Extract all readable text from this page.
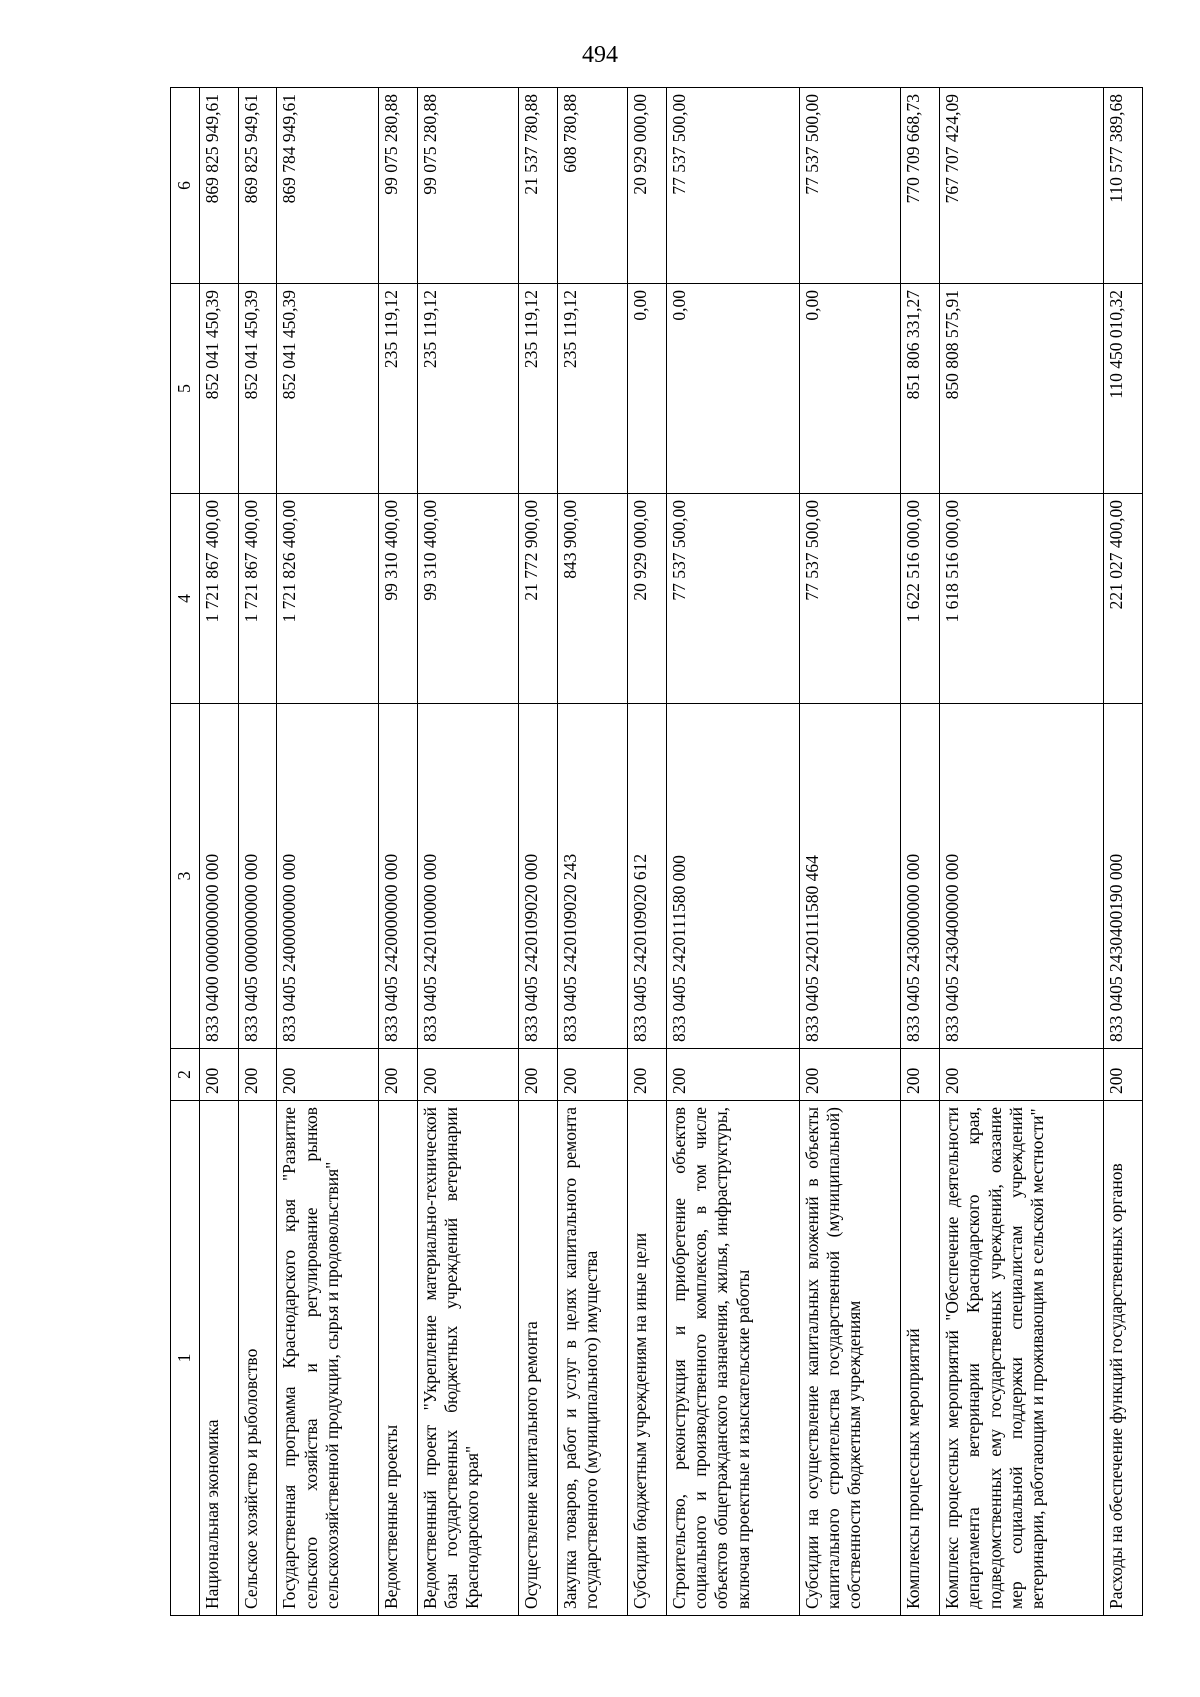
494
1	2	3	4	5	6
Национальная экономика	200	833 0400 0000000000 000	1 721 867 400,00	852 041 450,39	869 825 949,61
Сельское хозяйство и рыболовство	200	833 0405 0000000000 000	1 721 867 400,00	852 041 450,39	869 825 949,61
Государственная программа Краснодарского края "Развитие сельского хозяйства и регулирование рынков сельскохозяйственной продукции, сырья и продовольствия"	200	833 0405 2400000000 000	1 721 826 400,00	852 041 450,39	869 784 949,61
Ведомственные проекты	200	833 0405 2420000000 000	99 310 400,00	235 119,12	99 075 280,88
Ведомственный проект "Укрепление материально-технической базы государственных бюджетных учреждений ветеринарии Краснодарского края"	200	833 0405 2420100000 000	99 310 400,00	235 119,12	99 075 280,88
Осуществление капитального ремонта	200	833 0405 2420109020 000	21 772 900,00	235 119,12	21 537 780,88
Закупка товаров, работ и услуг в целях капитального ремонта государственного (муниципального) имущества	200	833 0405 2420109020 243	843 900,00	235 119,12	608 780,88
Субсидии бюджетным учреждениям на иные цели	200	833 0405 2420109020 612	20 929 000,00	0,00	20 929 000,00
Строительство, реконструкция и приобретение объектов социального и производственного комплексов, в том числе объектов общегражданского назначения, жилья, инфраструктуры, включая проектные и изыскательские работы	200	833 0405 2420111580 000	77 537 500,00	0,00	77 537 500,00
Субсидии на осуществление капитальных вложений в объекты капитального строительства государственной (муниципальной) собственности бюджетным учреждениям	200	833 0405 2420111580 464	77 537 500,00	0,00	77 537 500,00
Комплексы процессных мероприятий	200	833 0405 2430000000 000	1 622 516 000,00	851 806 331,27	770 709 668,73
Комплекс процессных мероприятий "Обеспечение деятельности департамента ветеринарии Краснодарского края, подведомственных ему государственных учреждений, оказание мер социальной поддержки специалистам учреждений ветеринарии, работающим и проживающим в сельской местности"	200	833 0405 2430400000 000	1 618 516 000,00	850 808 575,91	767 707 424,09
Расходы на обеспечение функций государственных органов	200	833 0405 2430400190 000	221 027 400,00	110 450 010,32	110 577 389,68
